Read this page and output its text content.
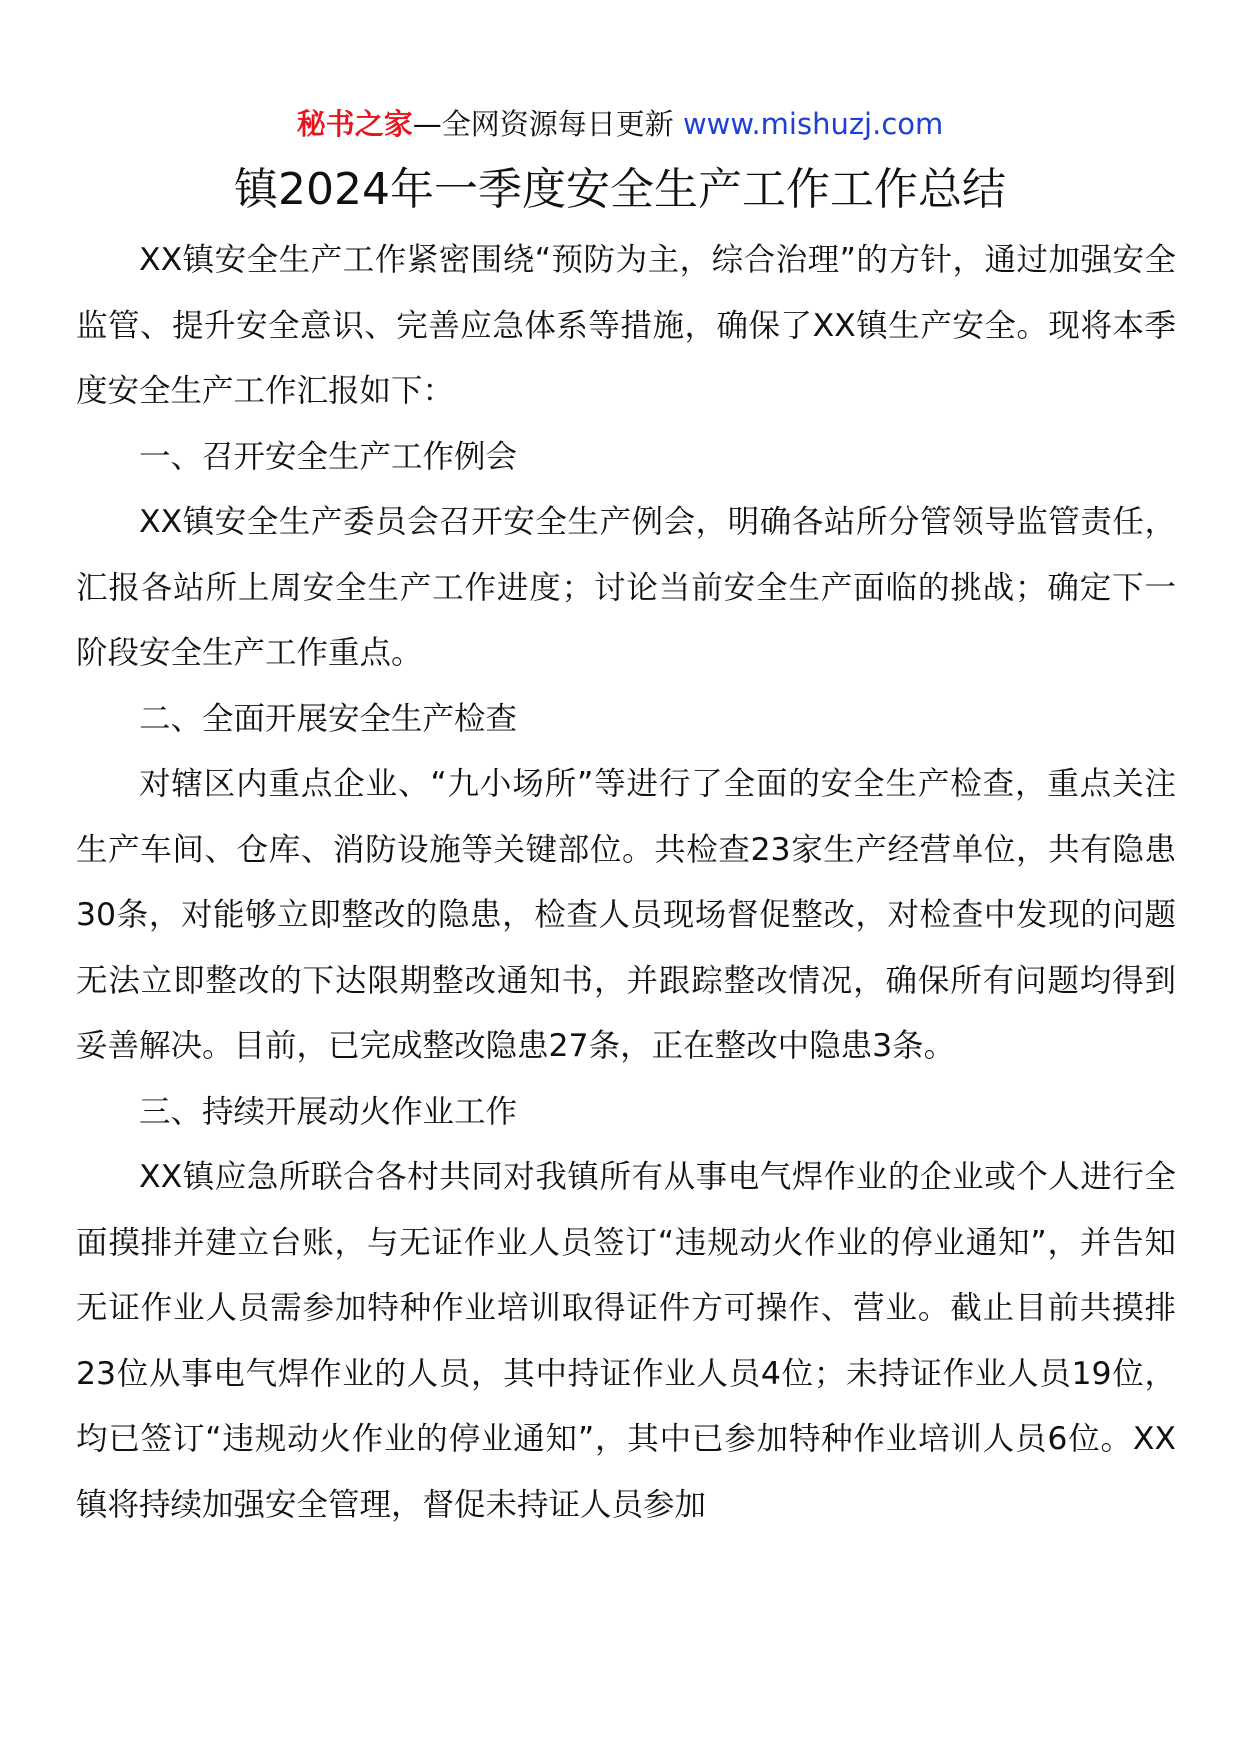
秘书之家—全网资源每日更新 www.mishuzj.com
镇2024年一季度安全生产工作工作总结

XX镇安全生产工作紧密围绕“预防为主，综合治理”的方针，通过加强安全监管、提升安全意识、完善应急体系等措施，确保了XX镇生产安全。现将本季度安全生产工作汇报如下：

一、召开安全生产工作例会

XX镇安全生产委员会召开安全生产例会，明确各站所分管领导监管责任，汇报各站所上周安全生产工作进度；讨论当前安全生产面临的挑战；确定下一阶段安全生产工作重点。

二、全面开展安全生产检查

对辖区内重点企业、“九小场所”等进行了全面的安全生产检查，重点关注生产车间、仓库、消防设施等关键部位。共检查23家生产经营单位，共有隐患30条，对能够立即整改的隐患，检查人员现场督促整改，对检查中发现的问题无法立即整改的下达限期整改通知书，并跟踪整改情况，确保所有问题均得到妥善解决。目前，已完成整改隐患27条，正在整改中隐患3条。

三、持续开展动火作业工作

XX镇应急所联合各村共同对我镇所有从事电气焊作业的企业或个人进行全面摸排并建立台账，与无证作业人员签订“违规动火作业的停业通知”，并告知无证作业人员需参加特种作业培训取得证件方可操作、营业。截止目前共摸排23位从事电气焊作业的人员，其中持证作业人员4位；未持证作业人员19位，均已签订“违规动火作业的停业通知”，其中已参加特种作业培训人员6位。XX镇将持续加强安全管理，督促未持证人员参加
